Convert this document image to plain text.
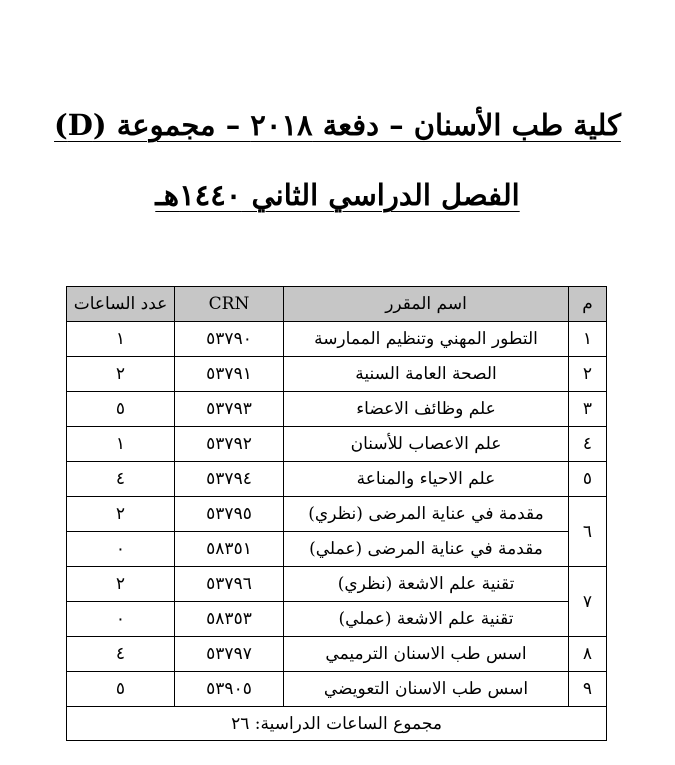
كلية طب الأسنان – دفعة ٢٠١٨ – مجموعة (D)
الفصل الدراسي الثاني ١٤٤٠هـ
م	اسم المقرر	CRN	عدد الساعات
١	التطور المهني وتنظيم الممارسة	٥٣٧٩٠	١
٢	الصحة العامة السنية	٥٣٧٩١	٢
٣	علم وظائف الاعضاء	٥٣٧٩٣	٥
٤	علم الاعصاب للأسنان	٥٣٧٩٢	١
٥	علم الاحياء والمناعة	٥٣٧٩٤	٤
٦	مقدمة في عناية المرضى (نظري)	٥٣٧٩٥	٢
	مقدمة في عناية المرضى (عملي)	٥٨٣٥١	٠
٧	تقنية علم الاشعة (نظري)	٥٣٧٩٦	٢
	تقنية علم الاشعة (عملي)	٥٨٣٥٣	٠
٨	اسس طب الاسنان الترميمي	٥٣٧٩٧	٤
٩	اسس طب الاسنان التعويضي	٥٣٩٠٥	٥
مجموع الساعات الدراسية: ٢٦			
